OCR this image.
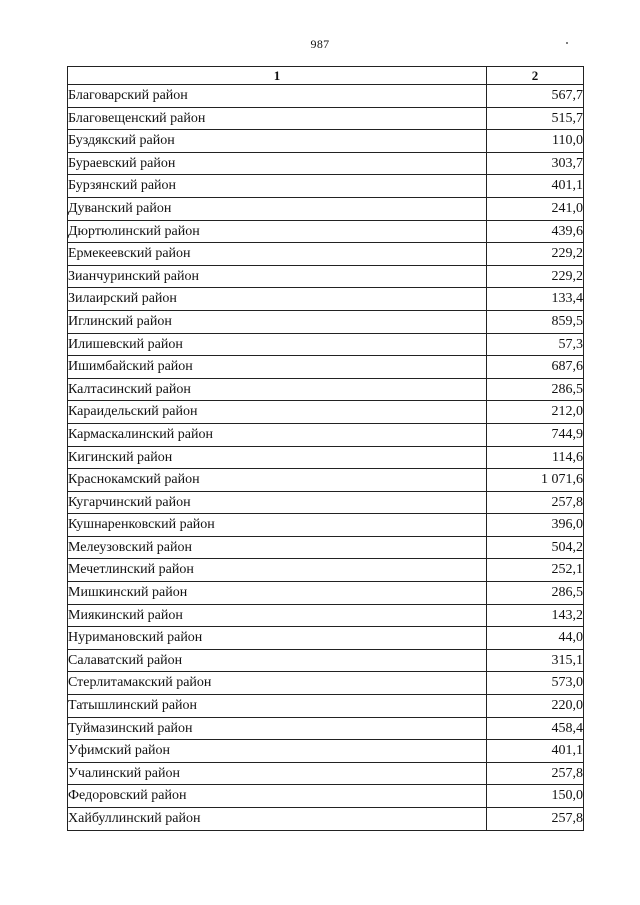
987
1	2
Благоварский район	567,7
Благовещенский район	515,7
Буздякский район	110,0
Бураевский район	303,7
Бурзянский район	401,1
Дуванский район	241,0
Дюртюлинский район	439,6
Ермекеевский район	229,2
Зианчуринский район	229,2
Зилаирский район	133,4
Иглинский район	859,5
Илишевский район	57,3
Ишимбайский район	687,6
Калтасинский район	286,5
Караидельский район	212,0
Кармаскалинский район	744,9
Кигинский район	114,6
Краснокамский район	1 071,6
Кугарчинский район	257,8
Кушнаренковский район	396,0
Мелеузовский район	504,2
Мечетлинский район	252,1
Мишкинский район	286,5
Миякинский район	143,2
Нуримановский район	44,0
Салаватский район	315,1
Стерлитамакский район	573,0
Татышлинский район	220,0
Туймазинский район	458,4
Уфимский район	401,1
Учалинский район	257,8
Федоровский район	150,0
Хайбуллинский район	257,8
